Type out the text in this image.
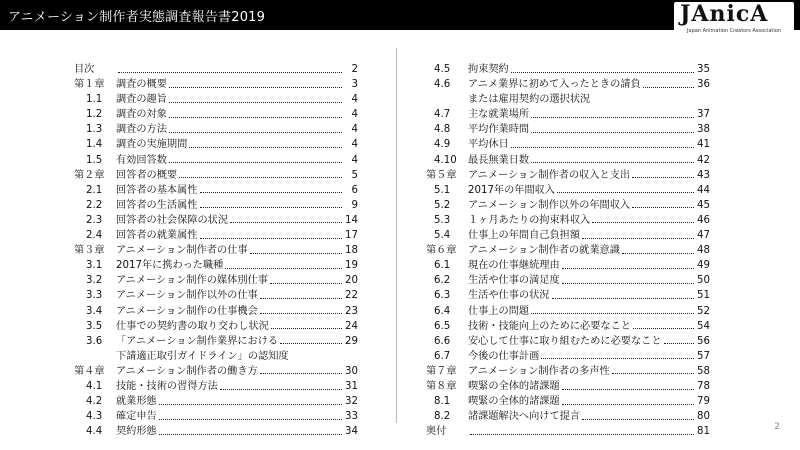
アニメーション制作者実態調査報告書2019	JAnicA
Japan Animation Creators Association
目次	2
第１章	調査の概要	3
1.1	調査の趣旨	4
1.2	調査の対象	4
1.3	調査の方法	4
1.4	調査の実施期間	4
1.5	有効回答数	4
第２章	回答者の概要	5
2.1	回答者の基本属性	6
2.2	回答者の生活属性	9
2.3	回答者の社会保障の状況	14
2.4	回答者の就業属性	17
第３章	アニメーション制作者の仕事	18
3.1	2017年に携わった職種	19
3.2	アニメーション制作の媒体別仕事	20
3.3	アニメーション制作以外の仕事	22
3.4	アニメーション制作の仕事機会	23
3.5	仕事での契約書の取り交わし状況	24
3.6	「アニメーション制作業界における	29
下請適正取引ガイドライン」の認知度
第４章	アニメーション制作者の働き方	30
4.1	技能・技術の習得方法	31
4.2	就業形態	32
4.3	確定申告	33
4.4	契約形態	34
4.5	拘束契約	35
4.6	アニメ業界に初めて入ったときの請負	36
または雇用契約の選択状況
4.7	主な就業場所	37
4.8	平均作業時間	38
4.9	平均休日	41
4.10	最長無業日数	42
第５章	アニメーション制作者の収入と支出	43
5.1	2017年の年間収入	44
5.2	アニメーション制作以外の年間収入	45
5.3	１ヶ月あたりの拘束料収入	46
5.4	仕事上の年間自己負担額	47
第６章	アニメーション制作者の就業意識	48
6.1	現在の仕事継続理由	49
6.2	生活や仕事の満足度	50
6.3	生活や仕事の状況	51
6.4	仕事上の問題	52
6.5	技術・技能向上のために必要なこと	54
6.6	安心して仕事に取り組むために必要なこと	56
6.7	今後の仕事計画	57
第７章	アニメーション制作者の多声性	58
第８章	喫緊の全体的諸課題	78
8.1	喫緊の全体的諸課題	79
8.2	諸課題解決へ向けて提言	80
奥付	81	2
